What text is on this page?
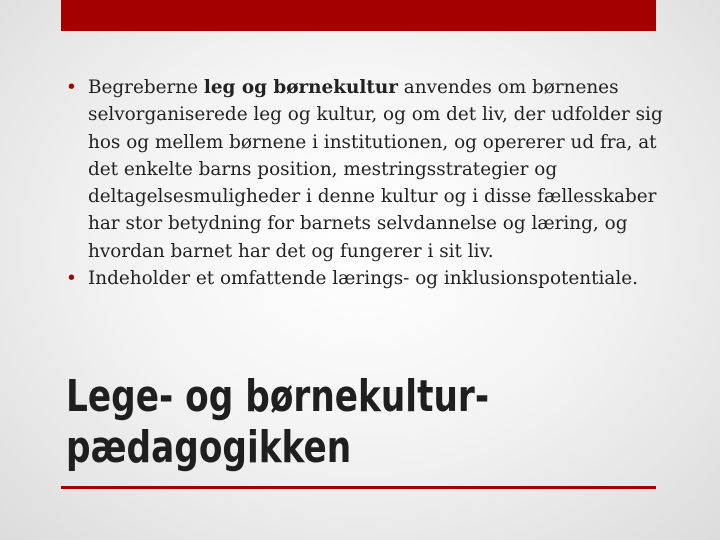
• Begreberne leg og børnekultur anvendes om børnenes selvorganiserede leg og kultur, og om det liv, der udfolder sig hos og mellem børnene i institutionen, og opererer ud fra, at det enkelte barns position, mestringsstrategier og deltagelsesmuligheder i denne kultur og i disse fællesskaber har stor betydning for barnets selvdannelse og læring, og hvordan barnet har det og fungerer i sit liv.

• Indeholder et omfattende lærings- og inklusionspotentiale.

Lege- og børnekultur-
pædagogikken
